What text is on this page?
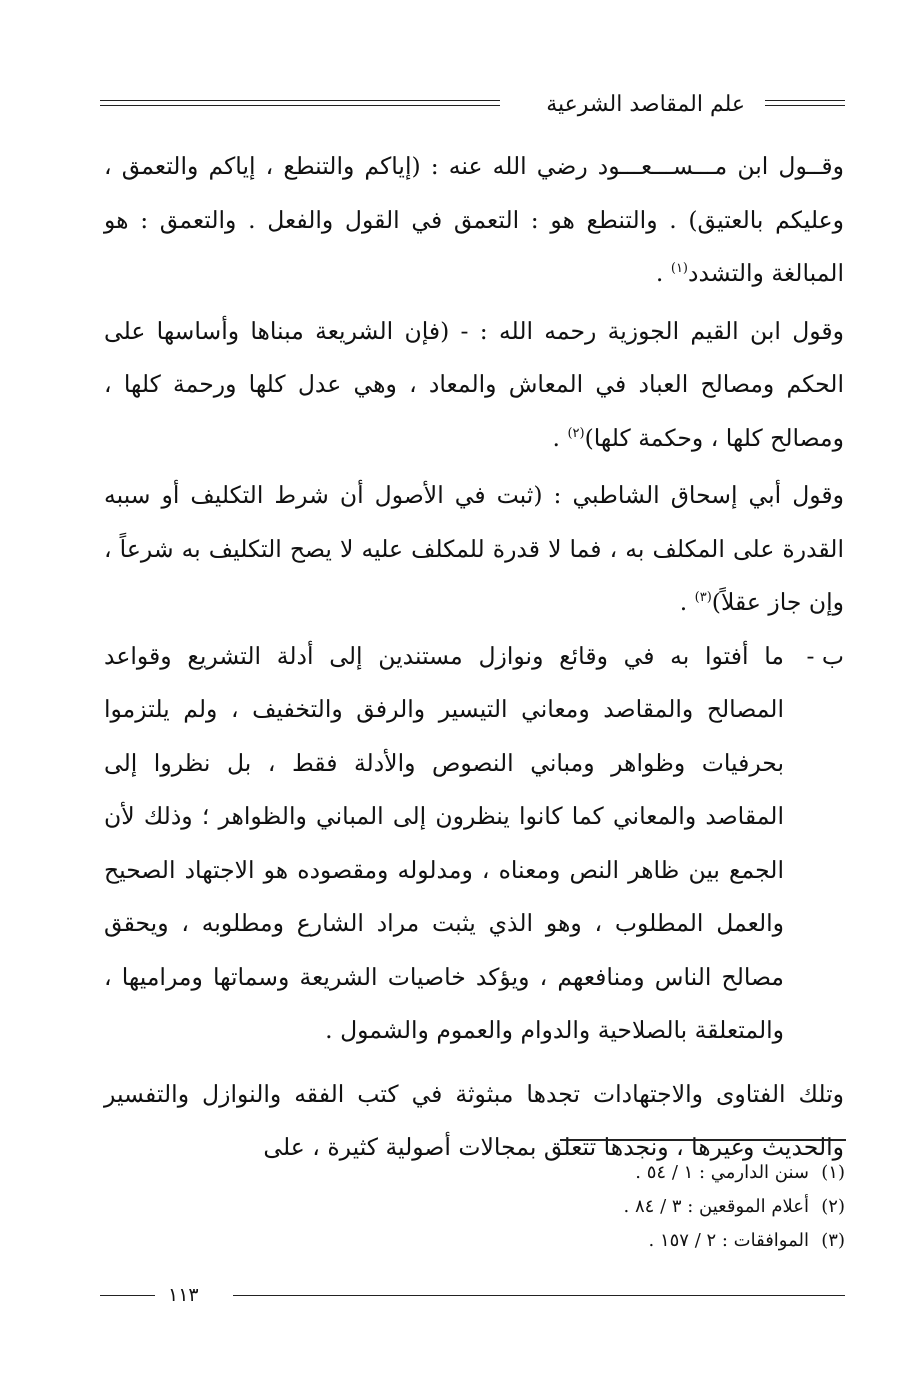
علم المقاصد الشرعية

وقــول ابن مـــســـعـــود رضي الله عنه : (إياكم والتنطع ، إياكم والتعمق ، وعليكم بالعتيق) . والتنطع هو : التعمق في القول والفعل . والتعمق : هو المبالغة والتشدد$^{(١)}$ .

وقول ابن القيم الجوزية رحمه الله : - (فإن الشريعة مبناها وأساسها على الحكم ومصالح العباد في المعاش والمعاد ، وهي عدل كلها ورحمة كلها ، ومصالح كلها ، وحكمة كلها)$^{(٢)}$ .

وقول أبي إسحاق الشاطبي : (ثبت في الأصول أن شرط التكليف أو سببه القدرة على المكلف به ، فما لا قدرة للمكلف عليه لا يصح التكليف به شرعاً ، وإن جاز عقلاً)$^{(٣)}$ .

ب -

ما أفتوا به في وقائع ونوازل مستندين إلى أدلة التشريع وقواعد المصالح والمقاصد ومعاني التيسير والرفق والتخفيف ، ولم يلتزموا بحرفيات وظواهر ومباني النصوص والأدلة فقط ، بل نظروا إلى المقاصد والمعاني كما كانوا ينظرون إلى المباني والظواهر ؛ وذلك لأن الجمع بين ظاهر النص ومعناه ، ومدلوله ومقصوده هو الاجتهاد الصحيح والعمل المطلوب ، وهو الذي يثبت مراد الشارع ومطلوبه ، ويحقق مصالح الناس ومنافعهم ، ويؤكد خاصيات الشريعة وسماتها ومراميها ، والمتعلقة بالصلاحية والدوام والعموم والشمول .

وتلك الفتاوى والاجتهادات تجدها مبثوثة في كتب الفقه والنوازل والتفسير والحديث وغيرها ، ونجدها تتعلق بمجالات أصولية كثيرة ، على

(١)سنن الدارمي : ١ / ٥٤ .

(٢)أعلام الموقعين : ٣ / ٨٤ .

(٣)الموافقات : ٢ / ١٥٧ .

١١٣
